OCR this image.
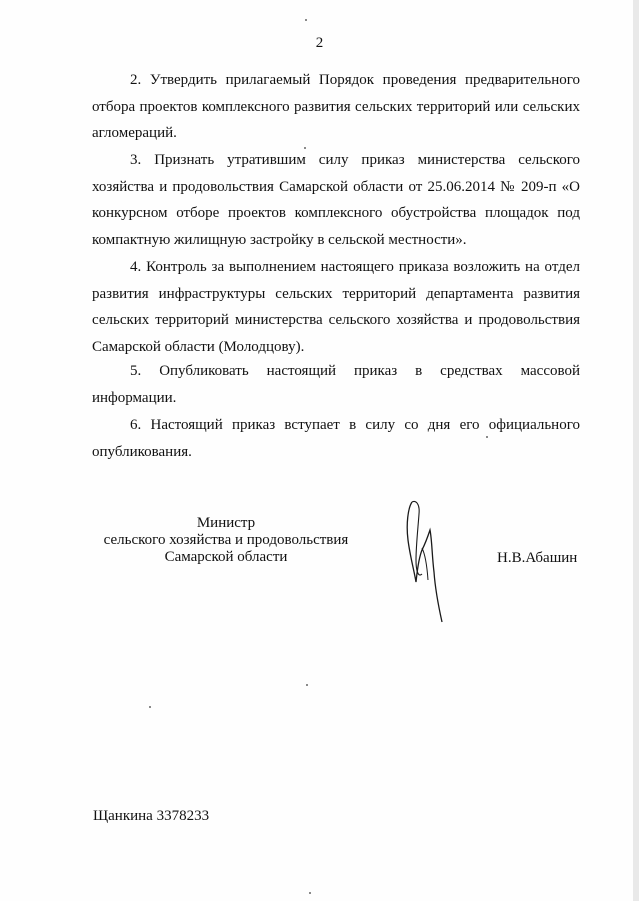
2

2. Утвердить прилагаемый Порядок проведения предварительного отбора проектов комплексного развития сельских территорий или сельских агломераций.

3. Признать утратившим силу приказ министерства сельского хозяйства и продовольствия Самарской области от 25.06.2014 № 209-п «О конкурсном отборе проектов комплексного обустройства площадок под компактную жилищную застройку в сельской местности».

4. Контроль за выполнением настоящего приказа возложить на отдел развития инфраструктуры сельских территорий департамента развития сельских территорий министерства сельского хозяйства и продовольствия Самарской области (Молодцову).

5. Опубликовать настоящий приказ в средствах массовой информации.

6. Настоящий приказ вступает в силу со дня его официального опубликования.

Министр
сельского хозяйства и продовольствия
Самарской области	Н.В.Абашин
Щанкина 3378233
